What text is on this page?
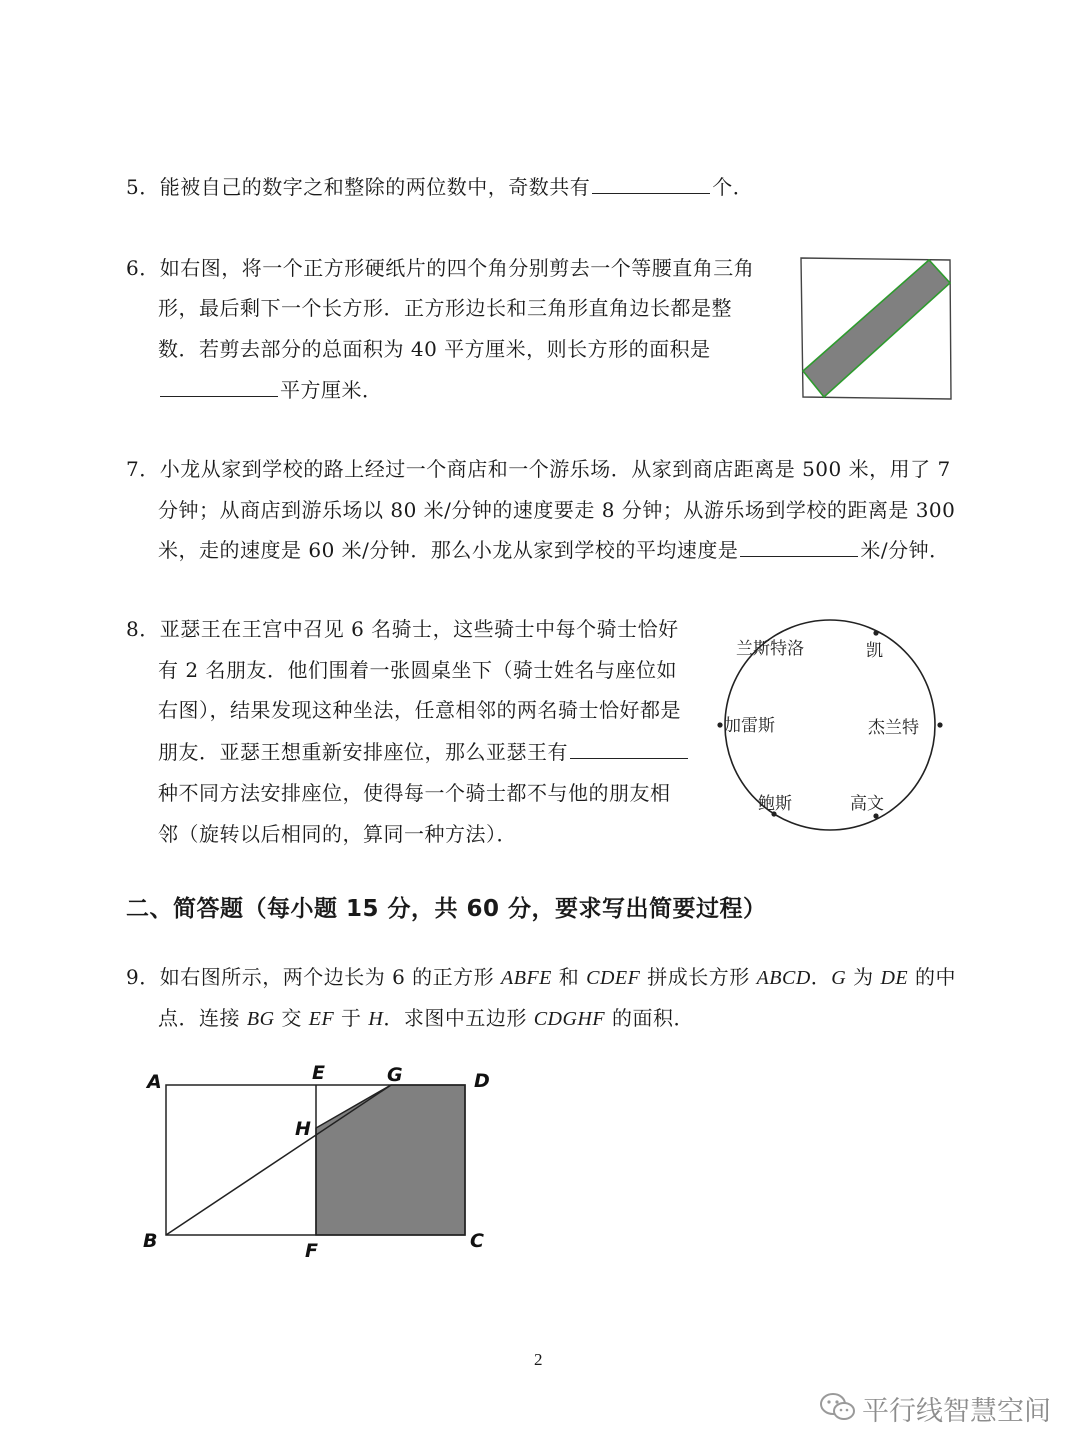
5．能被自己的数字之和整除的两位数中，奇数共有	个．
6．如右图，将一个正方形硬纸片的四个角分别剪去一个等腰直角三角
形，最后剩下一个长方形．正方形边长和三角形直角边长都是整
数．若剪去部分的总面积为 40 平方厘米，则长方形的面积是
平方厘米．
7．小龙从家到学校的路上经过一个商店和一个游乐场．从家到商店距离是 500 米，用了 7
分钟；从商店到游乐场以 80 米/分钟的速度要走 8 分钟；从游乐场到学校的距离是 300
米，走的速度是 60 米/分钟．那么小龙从家到学校的平均速度是	米/分钟．
8．亚瑟王在王宫中召见 6 名骑士，这些骑士中每个骑士恰好
有 2 名朋友．他们围着一张圆桌坐下（骑士姓名与座位如
右图），结果发现这种坐法，任意相邻的两名骑士恰好都是
朋友．亚瑟王想重新安排座位，那么亚瑟王有
种不同方法安排座位，使得每一个骑士都不与他的朋友相
邻（旋转以后相同的，算同一种方法）．
兰斯特洛	凯
杰兰特
高文
鲍斯
加雷斯
二、简答题（每小题 15 分，共 60 分，要求写出简要过程）
9．如右图所示，两个边长为 6 的正方形 ABFE 和 CDEF 拼成长方形 ABCD．G 为 DE 的中
点．连接 BG 交 EF 于 H．求图中五边形 CDGHF 的面积．
A
B	C
D
E
F
G
H
2
平行线智慧空间
